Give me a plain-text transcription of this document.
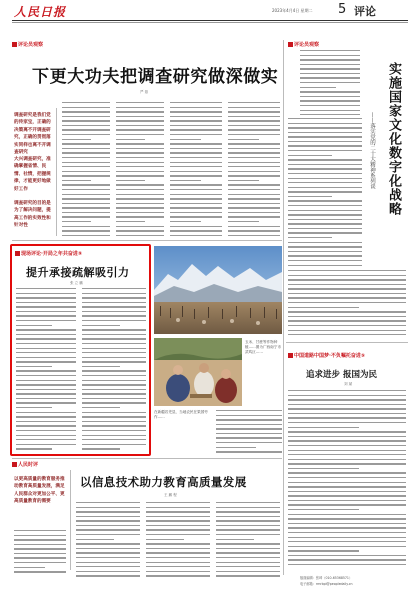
人民日报	2023年4月4日 星期二 5 评论
评论员观察
下更大功夫把调查研究做深做实
严 基
调查研究是我们党的传家宝，正确的决策离不开调查研究，正确的贯彻落实同样也离不开调查研究
大兴调查研究，准确掌握省情、民情、社情，把握规律，才能更好地做好工作
调查研究的目的是为了解决问题，提高工作的实效性和针对性
评论员观察
实施国家文化数字化战略
——落实党的二十大精神系列谈
中国道路中国梦·不负嘱托奋进⑤
追求进步 报国为民
刘 斌
现场评论·开局之年共奋进⑨
提升承接疏解吸引力
张 立 鹏
玉米、甘蔗等作物种植……图为广西南宁市武鸣区……
在新疆若羌县，当地农民在果园劳作……
人民时评
以信息技术助力教育高质量发展
王 鹏 程
以更高质量的教育服务推动教育高质量发展，满足人民群众对更加公平、更高质量教育的需要
版面编辑：张琦（010-65368571）
电子邮箱：rmrbpl@peopledaily.cn
